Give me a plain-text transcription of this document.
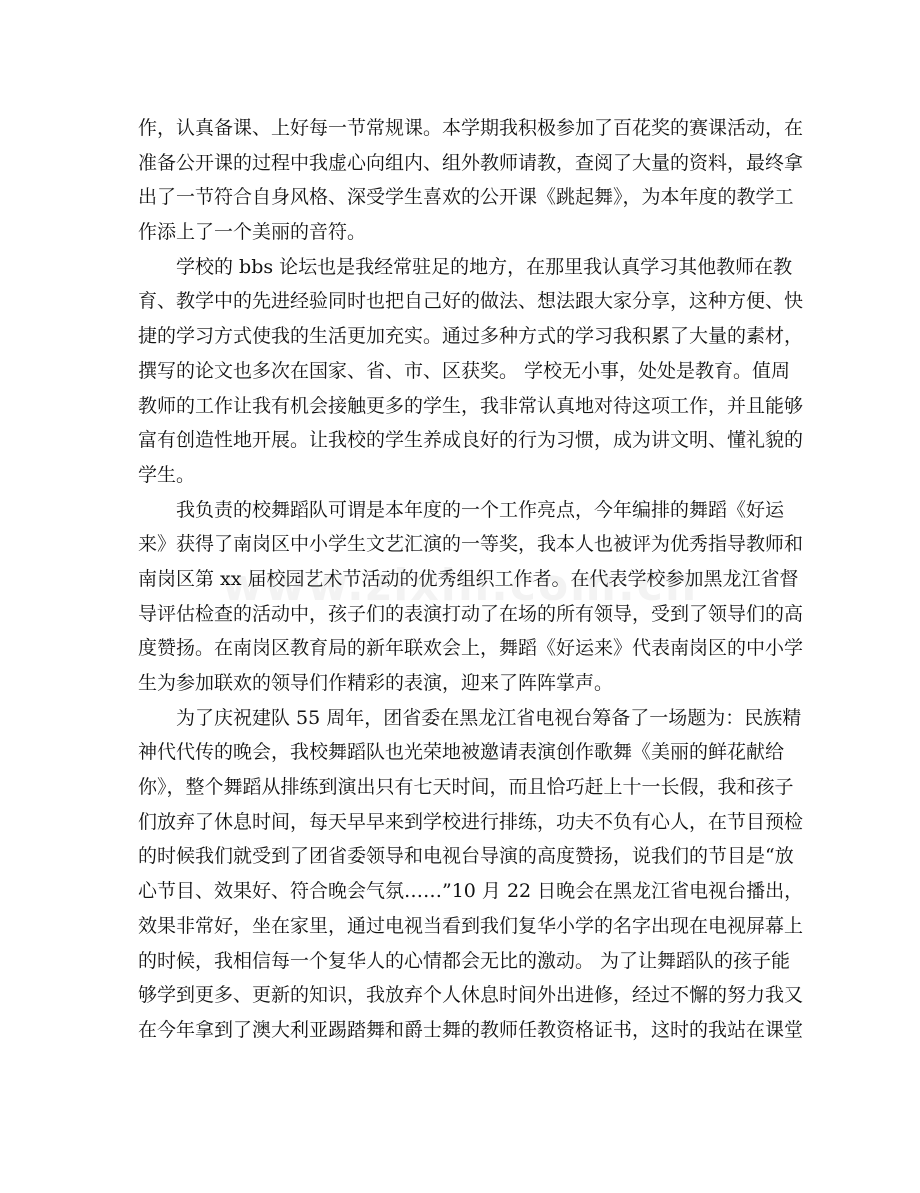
作，认真备课、上好每一节常规课。本学期我积极参加了百花奖的赛课活动，在
准备公开课的过程中我虚心向组内、组外教师请教，查阅了大量的资料，最终拿
出了一节符合自身风格、深受学生喜欢的公开课《跳起舞》，为本年度的教学工
作添上了一个美丽的音符。
学校的 bbs 论坛也是我经常驻足的地方，在那里我认真学习其他教师在教
育、教学中的先进经验同时也把自己好的做法、想法跟大家分享，这种方便、快
捷的学习方式使我的生活更加充实。通过多种方式的学习我积累了大量的素材，
撰写的论文也多次在国家、省、市、区获奖。 学校无小事，处处是教育。值周
教师的工作让我有机会接触更多的学生，我非常认真地对待这项工作，并且能够
富有创造性地开展。让我校的学生养成良好的行为习惯，成为讲文明、懂礼貌的
学生。
我负责的校舞蹈队可谓是本年度的一个工作亮点，今年编排的舞蹈《好运
来》获得了南岗区中小学生文艺汇演的一等奖，我本人也被评为优秀指导教师和
南岗区第 xx 届校园艺术节活动的优秀组织工作者。在代表学校参加黑龙江省督
导评估检查的活动中，孩子们的表演打动了在场的所有领导，受到了领导们的高
度赞扬。在南岗区教育局的新年联欢会上，舞蹈《好运来》代表南岗区的中小学
生为参加联欢的领导们作精彩的表演，迎来了阵阵掌声。
为了庆祝建队 55 周年，团省委在黑龙江省电视台筹备了一场题为：民族精
神代代传的晚会，我校舞蹈队也光荣地被邀请表演创作歌舞《美丽的鲜花献给
你》，整个舞蹈从排练到演出只有七天时间，而且恰巧赶上十一长假，我和孩子
们放弃了休息时间，每天早早来到学校进行排练，功夫不负有心人，在节目预检
的时候我们就受到了团省委领导和电视台导演的高度赞扬，说我们的节目是“放
心节目、效果好、符合晚会气氛……”10 月 22 日晚会在黑龙江省电视台播出，
效果非常好，坐在家里，通过电视当看到我们复华小学的名字出现在电视屏幕上
的时候，我相信每一个复华人的心情都会无比的激动。 为了让舞蹈队的孩子能
够学到更多、更新的知识，我放弃个人休息时间外出进修，经过不懈的努力我又
在今年拿到了澳大利亚踢踏舞和爵士舞的教师任教资格证书，这时的我站在课堂
